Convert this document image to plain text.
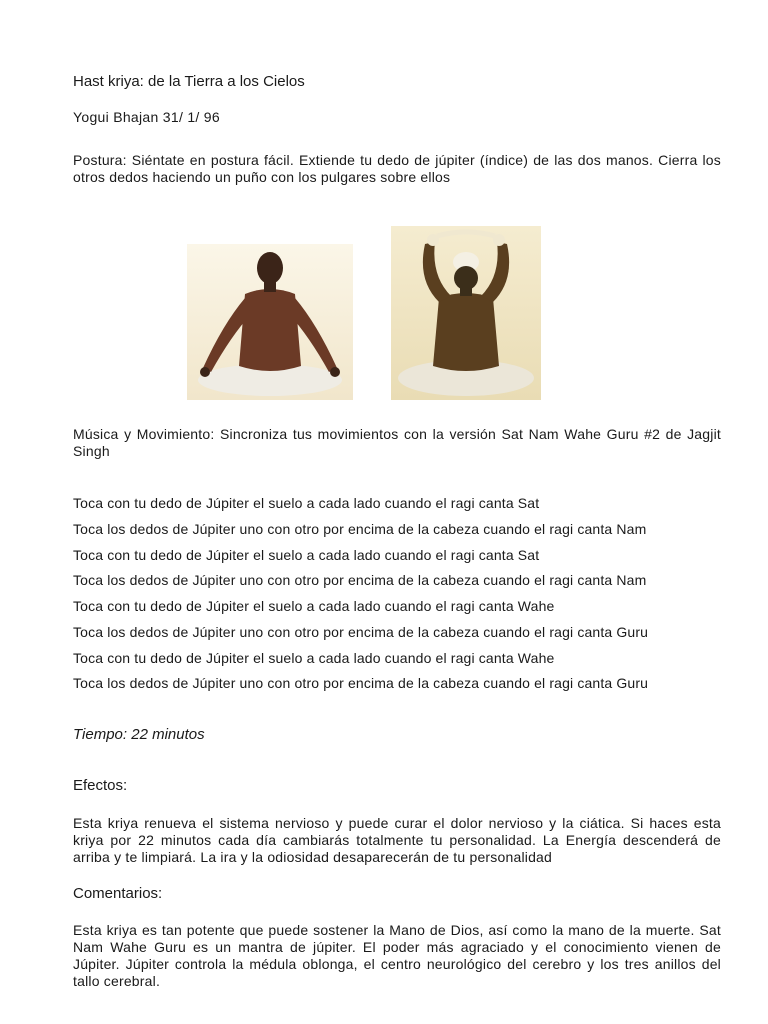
Hast kriya: de la Tierra a los Cielos
Yogui Bhajan 31/ 1/ 96
Postura: Siéntate en postura fácil. Extiende tu dedo de júpiter (índice) de las dos manos. Cierra los otros dedos haciendo un puño con los pulgares sobre ellos
Música y Movimiento: Sincroniza tus movimientos con la versión Sat Nam Wahe Guru #2 de Jagjit Singh
Toca con tu dedo de Júpiter el suelo a cada lado cuando el ragi canta Sat
Toca los dedos de Júpiter uno con otro por encima de la cabeza cuando el ragi canta Nam
Toca con tu dedo de Júpiter el suelo a cada lado cuando el ragi canta Sat
Toca los dedos de Júpiter uno con otro por encima de la cabeza cuando el ragi canta Nam
Toca con tu dedo de Júpiter el suelo a cada lado cuando el ragi canta Wahe
Toca los dedos de Júpiter uno con otro por encima de la cabeza cuando el ragi canta Guru
Toca con tu dedo de Júpiter el suelo a cada lado cuando el ragi canta Wahe
Toca los dedos de Júpiter uno con otro por encima de la cabeza cuando el ragi canta Guru
Tiempo: 22 minutos
Efectos:
Esta kriya renueva el sistema nervioso y puede curar el dolor nervioso y la ciática. Si haces esta kriya por 22 minutos cada día cambiarás totalmente tu personalidad. La Energía descenderá de arriba y te limpiará. La ira y la odiosidad desaparecerán de tu personalidad
Comentarios:
Esta kriya es tan potente que puede sostener la Mano de Dios, así como la mano de la muerte. Sat Nam Wahe Guru es un mantra de júpiter. El poder más agraciado y el conocimiento vienen de Júpiter. Júpiter controla la médula oblonga, el centro neurológico del cerebro y los tres anillos del tallo cerebral.
